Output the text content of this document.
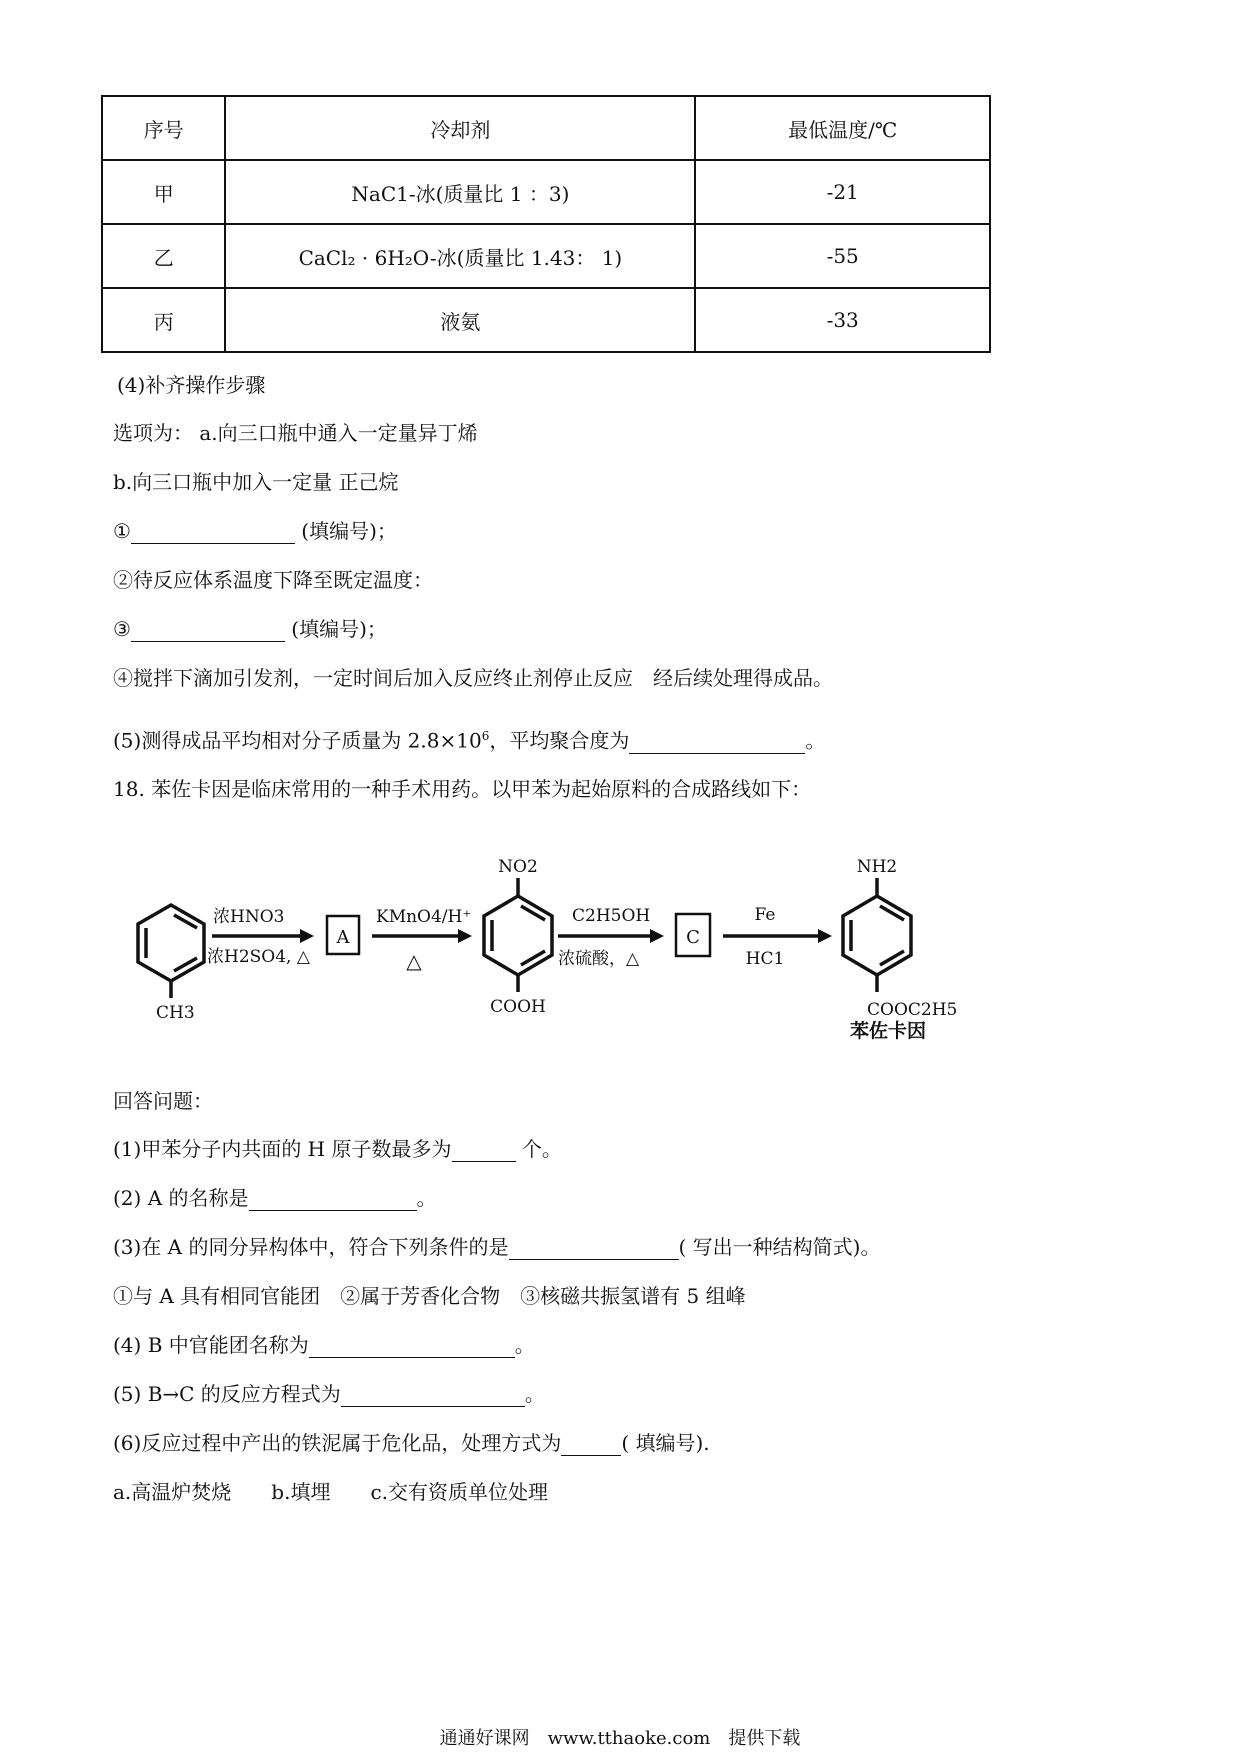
序号	冷却剂	最低温度/℃
甲	NaC1-冰(质量比 1 ：3)	-21
乙	CaCl₂ · 6H₂O-冰(质量比 1.43： 1)	-55
丙	液氨	-33
(4)补齐操作步骤
选项为： a.向三口瓶中通入一定量异丁烯
b.向三口瓶中加入一定量 正己烷
①	(填编号)；
②待反应体系温度下降至既定温度：
③	(填编号)；
④搅拌下滴加引发剂，一定时间后加入反应终止剂停止反应　经后续处理得成品。
(5)测得成品平均相对分子质量为 $2.8\times 10^6$，平均聚合度为	。
18. 苯佐卡因是临床常用的一种手术用药。以甲苯为起始原料的合成路线如下：
CH3
浓HNO3
浓H2SO4, △
A
KMnO4/H⁺
△
NO2
COOH
C2H5OH
浓硫酸，△
C
Fe
HC1
NH2
COOC2H5
苯佐卡因
回答问题：
(1)甲苯分子内共面的 H 原子数最多为	个。
(2) A 的名称是	。
(3)在 A 的同分异构体中，符合下列条件的是	( 写出一种结构简式)。
①与 A 具有相同官能团　②属于芳香化合物　③核磁共振氢谱有 5 组峰
(4) B 中官能团名称为	。
(5) B→C 的反应方程式为	。
(6)反应过程中产出的铁泥属于危化品，处理方式为	( 填编号).
a.高温炉焚烧　　b.填埋　　c.交有资质单位处理
通通好课网　www.tthaoke.com　提供下载
